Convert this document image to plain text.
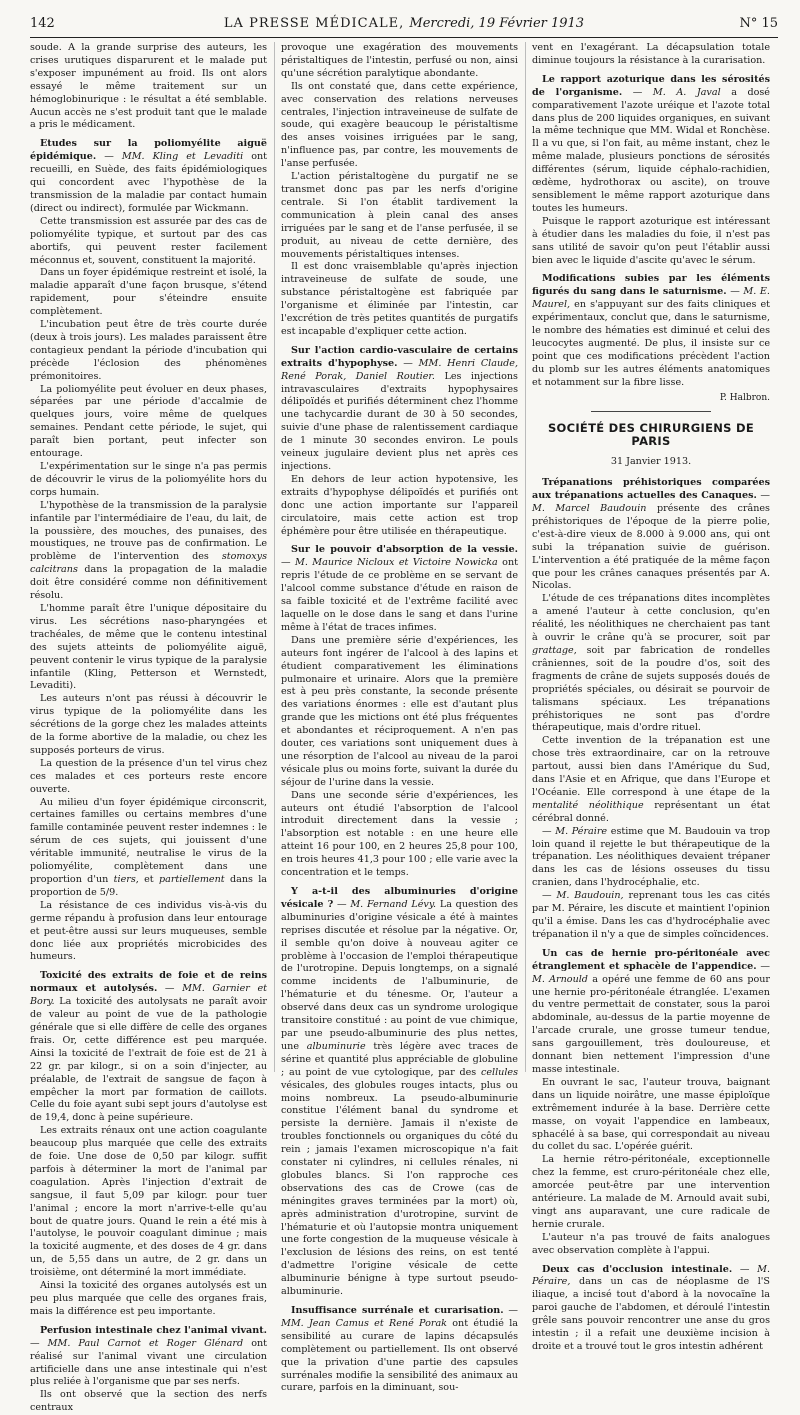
142	LA PRESSE MÉDICALE, Mercredi, 19 Février 1913	N° 15

soude. A la grande surprise des auteurs, les crises urutiques disparurent et le malade put s'exposer impunément au froid. Ils ont alors essayé le même traitement sur un hémoglobinurique : le résultat a été semblable. Aucun accès ne s'est produit tant que le malade a pris le médicament.

Etudes sur la poliomyélite aiguë épidémique. — MM. Kling et Levaditi ont recueilli, en Suède, des faits épidémiologiques qui concordent avec l'hypothèse de la transmission de la maladie par contact humain (direct ou indirect), formulée par Wickmann.

Cette transmission est assurée par des cas de poliomyélite typique, et surtout par des cas abortifs, qui peuvent rester facilement méconnus et, souvent, constituent la majorité.

Dans un foyer épidémique restreint et isolé, la maladie apparaît d'une façon brusque, s'étend rapidement, pour s'éteindre ensuite complètement.

L'incubation peut être de très courte durée (deux à trois jours). Les malades paraissent être contagieux pendant la période d'incubation qui précède l'éclosion des phénomènes prémonitoires.

La poliomyélite peut évoluer en deux phases, séparées par une période d'accalmie de quelques jours, voire même de quelques semaines. Pendant cette période, le sujet, qui paraît bien portant, peut infecter son entourage.

L'expérimentation sur le singe n'a pas permis de découvrir le virus de la poliomyélite hors du corps humain.

L'hypothèse de la transmission de la paralysie infantile par l'intermédiaire de l'eau, du lait, de la poussière, des mouches, des punaises, des moustiques, ne trouve pas de confirmation. Le problème de l'intervention des stomoxys calcitrans dans la propagation de la maladie doit être considéré comme non définitivement résolu.

L'homme paraît être l'unique dépositaire du virus. Les sécrétions naso-pharyngées et trachéales, de même que le contenu intestinal des sujets atteints de poliomyélite aiguë, peuvent contenir le virus typique de la paralysie infantile (Kling, Petterson et Wernstedt, Levaditi).

Les auteurs n'ont pas réussi à découvrir le virus typique de la poliomyélite dans les sécrétions de la gorge chez les malades atteints de la forme abortive de la maladie, ou chez les supposés porteurs de virus.

La question de la présence d'un tel virus chez ces malades et ces porteurs reste encore ouverte.

Au milieu d'un foyer épidémique circonscrit, certaines familles ou certains membres d'une famille contaminée peuvent rester indemnes : le sérum de ces sujets, qui jouissent d'une véritable immunité, neutralise le virus de la poliomyélite, complètement dans une proportion d'un tiers, et partiellement dans la proportion de 5/9.

La résistance de ces individus vis-à-vis du germe répandu à profusion dans leur entourage et peut-être aussi sur leurs muqueuses, semble donc liée aux propriétés microbicides des humeurs.

Toxicité des extraits de foie et de reins normaux et autolysés. — MM. Garnier et Bory. La toxicité des autolysats ne paraît avoir de valeur au point de vue de la pathologie générale que si elle diffère de celle des organes frais. Or, cette différence est peu marquée. Ainsi la toxicité de l'extrait de foie est de 21 à 22 gr. par kilogr., si on a soin d'injecter, au préalable, de l'extrait de sangsue de façon à empêcher la mort par formation de caillots. Celle du foie ayant subi sept jours d'autolyse est de 19,4, donc à peine supérieure.

Les extraits rénaux ont une action coagulante beaucoup plus marquée que celle des extraits de foie. Une dose de 0,50 par kilogr. suffit parfois à déterminer la mort de l'animal par coagulation. Après l'injection d'extrait de sangsue, il faut 5,09 par kilogr. pour tuer l'animal ; encore la mort n'arrive-t-elle qu'au bout de quatre jours. Quand le rein a été mis à l'autolyse, le pouvoir coagulant diminue ; mais la toxicité augmente, et des doses de 4 gr. dans un, de 5,55 dans un autre, de 2 gr. dans un troisième, ont déterminé la mort immédiate.

Ainsi la toxicité des organes autolysés est un peu plus marquée que celle des organes frais, mais la différence est peu importante.

Perfusion intestinale chez l'animal vivant. — MM. Paul Carnot et Roger Glénard ont réalisé sur l'animal vivant une circulation artificielle dans une anse intestinale qui n'est plus reliée à l'organisme que par ses nerfs.

Ils ont observé que la section des nerfs centraux

provoque une exagération des mouvements péristaltiques de l'intestin, perfusé ou non, ainsi qu'une sécrétion paralytique abondante.

Ils ont constaté que, dans cette expérience, avec conservation des relations nerveuses centrales, l'injection intraveineuse de sulfate de soude, qui exagère beaucoup le péristaltisme des anses voisines irriguées par le sang, n'influence pas, par contre, les mouvements de l'anse perfusée.

L'action péristaltogène du purgatif ne se transmet donc pas par les nerfs d'origine centrale. Si l'on établit tardivement la communication à plein canal des anses irriguées par le sang et de l'anse perfusée, il se produit, au niveau de cette dernière, des mouvements péristaltiques intenses.

Il est donc vraisemblable qu'après injection intraveineuse de sulfate de soude, une substance péristaltogène est fabriquée par l'organisme et éliminée par l'intestin, car l'excrétion de très petites quantités de purgatifs est incapable d'expliquer cette action.

Sur l'action cardio-vasculaire de certains extraits d'hypophyse. — MM. Henri Claude, René Porak, Daniel Routier. Les injections intravasculaires d'extraits hypophysaires délipoïdés et purifiés déterminent chez l'homme une tachycardie durant de 30 à 50 secondes, suivie d'une phase de ralentissement cardiaque de 1 minute 30 secondes environ. Le pouls veineux jugulaire devient plus net après ces injections.

En dehors de leur action hypotensive, les extraits d'hypophyse délipoïdés et purifiés ont donc une action importante sur l'appareil circulatoire, mais cette action est trop éphémère pour être utilisée en thérapeutique.

Sur le pouvoir d'absorption de la vessie. — M. Maurice Nicloux et Victoire Nowicka ont repris l'étude de ce problème en se servant de l'alcool comme substance d'étude en raison de sa faible toxicité et de l'extrême facilité avec laquelle on le dose dans le sang et dans l'urine même à l'état de traces infimes.

Dans une première série d'expériences, les auteurs font ingérer de l'alcool à des lapins et étudient comparativement les éliminations pulmonaire et urinaire. Alors que la première est à peu près constante, la seconde présente des variations énormes : elle est d'autant plus grande que les mictions ont été plus fréquentes et abondantes et réciproquement. A n'en pas douter, ces variations sont uniquement dues à une résorption de l'alcool au niveau de la paroi vésicale plus ou moins forte, suivant la durée du séjour de l'urine dans la vessie.

Dans une seconde série d'expériences, les auteurs ont étudié l'absorption de l'alcool introduit directement dans la vessie ; l'absorption est notable : en une heure elle atteint 16 pour 100, en 2 heures 25,8 pour 100, en trois heures 41,3 pour 100 ; elle varie avec la concentration et le temps.

Y a-t-il des albuminuries d'origine vésicale ? — M. Fernand Lévy. La question des albuminuries d'origine vésicale a été à maintes reprises discutée et résolue par la négative. Or, il semble qu'on doive à nouveau agiter ce problème à l'occasion de l'emploi thérapeutique de l'urotropine. Depuis longtemps, on a signalé comme incidents de l'albuminurie, de l'hématurie et du ténesme. Or, l'auteur a observé dans deux cas un syndrome urologique transitoire constitué : au point de vue chimique, par une pseudo-albuminurie des plus nettes, une albuminurie très légère avec traces de sérine et quantité plus appréciable de globuline ; au point de vue cytologique, par des cellules vésicales, des globules rouges intacts, plus ou moins nombreux. La pseudo-albuminurie constitue l'élément banal du syndrome et persiste la dernière. Jamais il n'existe de troubles fonctionnels ou organiques du côté du rein ; jamais l'examen microscopique n'a fait constater ni cylindres, ni cellules rénales, ni globules blancs. Si l'on rapproche ces observations des cas de Crowe (cas de méningites graves terminées par la mort) où, après administration d'urotropine, survint de l'hématurie et où l'autopsie montra uniquement une forte congestion de la muqueuse vésicale à l'exclusion de lésions des reins, on est tenté d'admettre l'origine vésicale de cette albuminurie bénigne à type surtout pseudo-albuminurie.

Insuffisance surrénale et curarisation. — MM. Jean Camus et René Porak ont étudié la sensibilité au curare de lapins décapsulés complètement ou partiellement. Ils ont observé que la privation d'une partie des capsules surrénales modifie la sensibilité des animaux au curare, parfois en la diminuant, sou-

vent en l'exagérant. La décapsulation totale diminue toujours la résistance à la curarisation.

Le rapport azoturique dans les sérosités de l'organisme. — M. A. Javal a dosé comparativement l'azote uréique et l'azote total dans plus de 200 liquides organiques, en suivant la même technique que MM. Widal et Ronchèse. Il a vu que, si l'on fait, au même instant, chez le même malade, plusieurs ponctions de sérosités différentes (sérum, liquide céphalo-rachidien, œdème, hydrothorax ou ascite), on trouve sensiblement le même rapport azoturique dans toutes les humeurs.

Puisque le rapport azoturique est intéressant à étudier dans les maladies du foie, il n'est pas sans utilité de savoir qu'on peut l'établir aussi bien avec le liquide d'ascite qu'avec le sérum.

Modifications subies par les éléments figurés du sang dans le saturnisme. — M. E. Maurel, en s'appuyant sur des faits cliniques et expérimentaux, conclut que, dans le saturnisme, le nombre des hématies est diminué et celui des leucocytes augmenté. De plus, il insiste sur ce point que ces modifications précèdent l'action du plomb sur les autres éléments anatomiques et notamment sur la fibre lisse.

P. Halbron.

SOCIÉTÉ DES CHIRURGIENS DE PARIS

31 Janvier 1913.

Trépanations préhistoriques comparées aux trépanations actuelles des Canaques. — M. Marcel Baudouin présente des crânes préhistoriques de l'époque de la pierre polie, c'est-à-dire vieux de 8.000 à 9.000 ans, qui ont subi la trépanation suivie de guérison. L'intervention a été pratiquée de la même façon que pour les crânes canaques présentés par A. Nicolas.

L'étude de ces trépanations dites incomplètes a amené l'auteur à cette conclusion, qu'en réalité, les néolithiques ne cherchaient pas tant à ouvrir le crâne qu'à se procurer, soit par grattage, soit par fabrication de rondelles crâniennes, soit de la poudre d'os, soit des fragments de crâne de sujets supposés doués de propriétés spéciales, ou désirait se pourvoir de talismans spéciaux. Les trépanations préhistoriques ne sont pas d'ordre thérapeutique, mais d'ordre rituel.

Cette invention de la trépanation est une chose très extraordinaire, car on la retrouve partout, aussi bien dans l'Amérique du Sud, dans l'Asie et en Afrique, que dans l'Europe et l'Océanie. Elle correspond à une étape de la mentalité néolithique représentant un état cérébral donné.

— M. Péraire estime que M. Baudouin va trop loin quand il rejette le but thérapeutique de la trépanation. Les néolithiques devaient trépaner dans les cas de lésions osseuses du tissu cranien, dans l'hydrocéphalie, etc.

— M. Baudouin, reprenant tous les cas cités par M. Péraire, les discute et maintient l'opinion qu'il a émise. Dans les cas d'hydrocéphalie avec trépanation il n'y a que de simples coïncidences.

Un cas de hernie pro-péritonéale avec étranglement et sphacèle de l'appendice. — M. Arnould a opéré une femme de 60 ans pour une hernie pro-péritonéale étranglée. L'examen du ventre permettait de constater, sous la paroi abdominale, au-dessus de la partie moyenne de l'arcade crurale, une grosse tumeur tendue, sans gargouillement, très douloureuse, et donnant bien nettement l'impression d'une masse intestinale.

En ouvrant le sac, l'auteur trouva, baignant dans un liquide noirâtre, une masse épiploïque extrêmement indurée à la base. Derrière cette masse, on voyait l'appendice en lambeaux, sphacélé à sa base, qui correspondait au niveau du collet du sac. L'opérée guérit.

La hernie rétro-péritonéale, exceptionnelle chez la femme, est cruro-péritonéale chez elle, amorcée peut-être par une intervention antérieure. La malade de M. Arnould avait subi, vingt ans auparavant, une cure radicale de hernie crurale.

L'auteur n'a pas trouvé de faits analogues avec observation complète à l'appui.

Deux cas d'occlusion intestinale. — M. Péraire, dans un cas de néoplasme de l'S iliaque, a incisé tout d'abord à la novocaïne la paroi gauche de l'abdomen, et déroulé l'intestin grêle sans pouvoir rencontrer une anse du gros intestin ; il a refait une deuxième incision à droite et a trouvé tout le gros intestin adhérent
